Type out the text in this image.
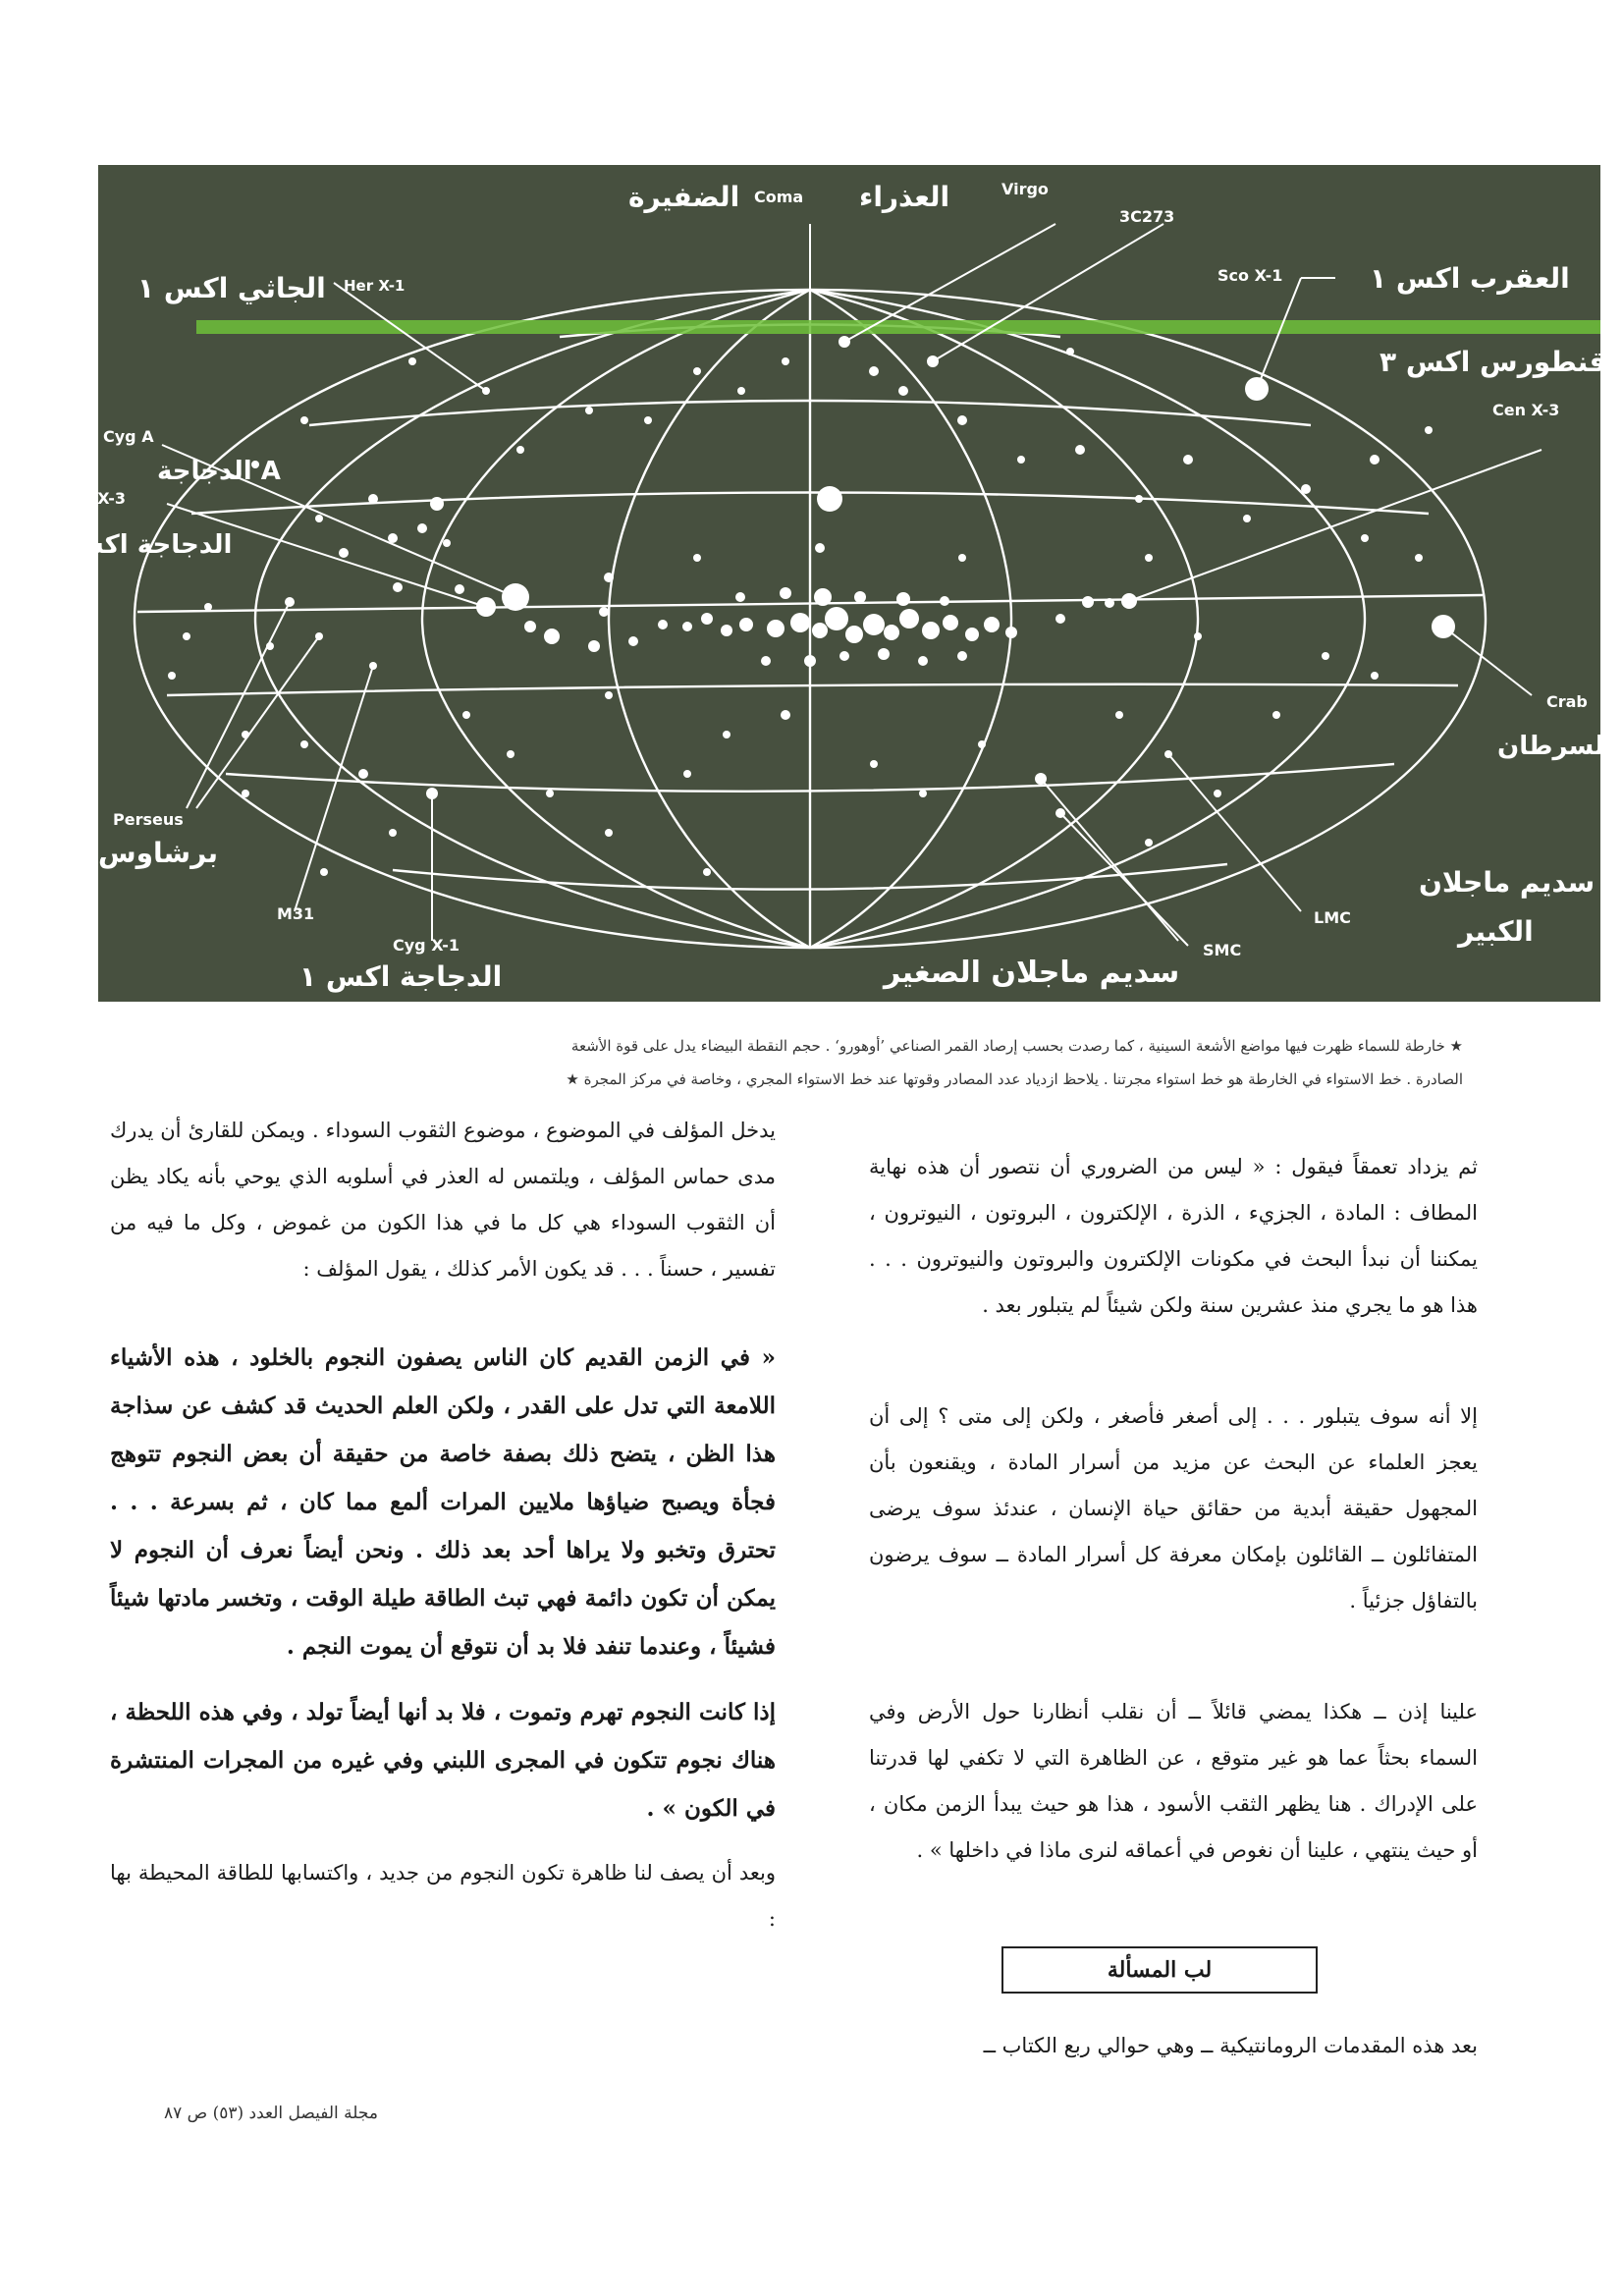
Coma
الضفيرة	Virgo
العذراء
3C273
Sco X-1	العقرب اكس ١
Her X-1
الجاثي اكس ١
قنطورس اكس ٣
Cen X-3
Cyg A
الدجاجة A
Cyg X-3
الدجاجة اكس ٣
Crab
السرطان
Perseus
برشاوس
M31
Cyg X-1
الدجاجة اكس ١
SMC
سديم ماجلان الصغير
LMC
سديم ماجلان
الكبير
★ خارطة للسماء ظهرت فيها مواضع الأشعة السينية ، كما رصدت بحسب إرصاد القمر الصناعي ’أوهورو‘ . حجم النقطة البيضاء يدل على قوة الأشعة
الصادرة . خط الاستواء في الخارطة هو خط استواء مجرتنا . يلاحظ ازدياد عدد المصادر وقوتها عند خط الاستواء المجري ، وخاصة في مركز المجرة ★

ثم يزداد تعمقاً فيقول : « ليس من الضروري أن نتصور أن هذه نهاية المطاف : المادة ، الجزيء ، الذرة ، الإلكترون ، البروتون ، النيوترون ، يمكننا أن نبدأ البحث في مكونات الإلكترون والبروتون والنيوترون . . . هذا هو ما يجري منذ عشرين سنة ولكن شيئاً لم يتبلور بعد .

إلا أنه سوف يتبلور . . . إلى أصغر فأصغر ، ولكن إلى متى ؟ إلى أن يعجز العلماء عن البحث عن مزيد من أسرار المادة ، ويقنعون بأن المجهول حقيقة أبدية من حقائق حياة الإنسان ، عندئذ سوف يرضى المتفائلون ــ القائلون بإمكان معرفة كل أسرار المادة ــ سوف يرضون بالتفاؤل جزئياً .

علينا إذن ــ هكذا يمضي قائلاً ــ أن نقلب أنظارنا حول الأرض وفي السماء بحثاً عما هو غير متوقع ، عن الظاهرة التي لا تكفي لها قدرتنا على الإدراك . هنا يظهر الثقب الأسود ، هذا هو حيث يبدأ الزمن مكان ، أو حيث ينتهي ، علينا أن نغوص في أعماقه لنرى ماذا في داخلها » .

لب المسألة

بعد هذه المقدمات الرومانتيكية ــ وهي حوالي ربع الكتاب ــ

يدخل المؤلف في الموضوع ، موضوع الثقوب السوداء . ويمكن للقارئ أن يدرك مدى حماس المؤلف ، ويلتمس له العذر في أسلوبه الذي يوحي بأنه يكاد يظن أن الثقوب السوداء هي كل ما في هذا الكون من غموض ، وكل ما فيه من تفسير ، حسناً . . . قد يكون الأمر كذلك ، يقول المؤلف :

« في الزمن القديم كان الناس يصفون النجوم بالخلود ، هذه الأشياء اللامعة التي تدل على القدر ، ولكن العلم الحديث قد كشف عن سذاجة هذا الظن ، يتضح ذلك بصفة خاصة من حقيقة أن بعض النجوم تتوهج فجأة ويصبح ضياؤها ملايين المرات ألمع مما كان ، ثم بسرعة . . . تحترق وتخبو ولا يراها أحد بعد ذلك . ونحن أيضاً نعرف أن النجوم لا يمكن أن تكون دائمة فهي تبث الطاقة طيلة الوقت ، وتخسر مادتها شيئاً فشيئاً ، وعندما تنفد فلا بد أن نتوقع أن يموت النجم .

إذا كانت النجوم تهرم وتموت ، فلا بد أنها أيضاً تولد ، وفي هذه اللحظة ، هناك نجوم تتكون في المجرى اللبني وفي غيره من المجرات المنتشرة في الكون » .

وبعد أن يصف لنا ظاهرة تكون النجوم من جديد ، واكتسابها للطاقة المحيطة بها :

مجلة الفيصل العدد (٥٣) ص ٨٧
